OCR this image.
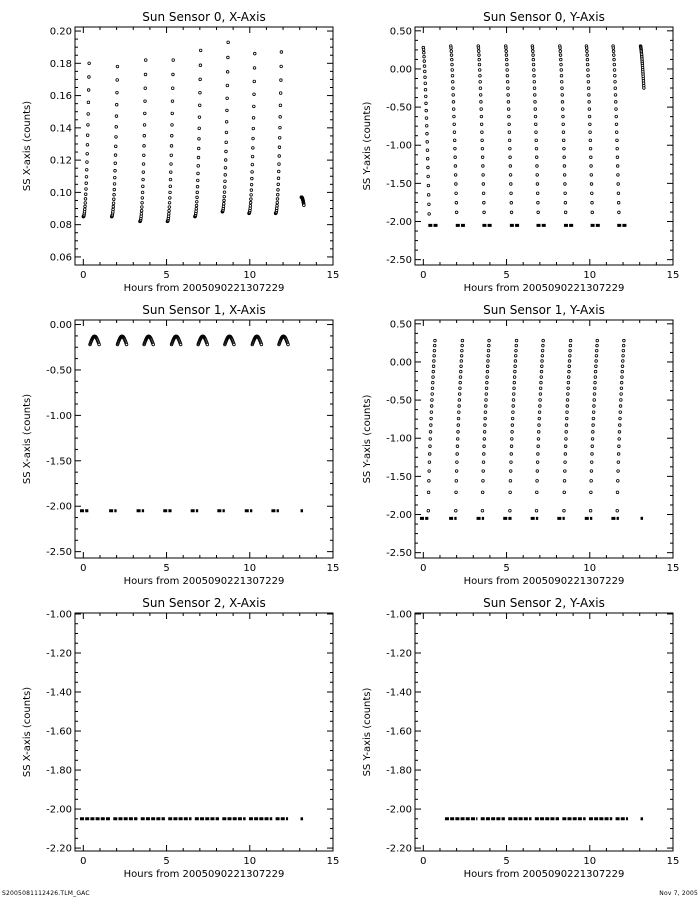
Sun Sensor 0, X-Axis
Hours from 2005090221307229
SS X-axis (counts)
0	5	10	15
0.06
0.08
0.10
0.12
0.14
0.16
0.18
0.20
Sun Sensor 0, Y-Axis
Hours from 2005090221307229
SS Y-axis (counts)
0	5	10	15
-2.50
-2.00
-1.50
-1.00
-0.50
0.00
0.50
Sun Sensor 1, X-Axis
Hours from 2005090221307229
SS X-axis (counts)
0	5	10	15
-2.50
-2.00
-1.50
-1.00
-0.50
0.00
Sun Sensor 1, Y-Axis
Hours from 2005090221307229
SS Y-axis (counts)
0	5	10	15
-2.50
-2.00
-1.50
-1.00
-0.50
0.00
0.50
Sun Sensor 2, X-Axis
Hours from 2005090221307229
SS X-axis (counts)
0	5	10	15
-2.20
-2.00
-1.80
-1.60
-1.40
-1.20
-1.00
Sun Sensor 2, Y-Axis
Hours from 2005090221307229
SS Y-axis (counts)
0	5	10	15
-2.20
-2.00
-1.80
-1.60
-1.40
-1.20
-1.00
S2005081112426.TLM_GAC	Nov 7, 2005
